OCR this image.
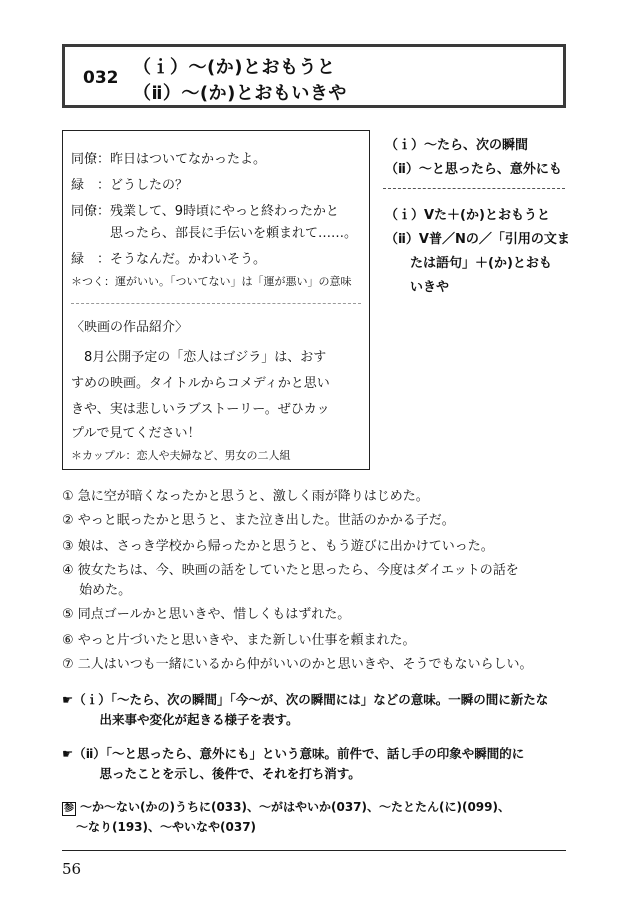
032 （ｉ）～(か)とおもうと
（ⅱ）～(か)とおもいきや
同僚：昨日はついてなかったよ。
緑　：どうしたの？
同僚：残業して、9時頃にやっと終わったかと
　　　思ったら、部長に手伝いを頼まれて……。
緑　：そうなんだ。かわいそう。
＊つく：運がいい。「ついてない」は「運が悪い」の意味
〈映画の作品紹介〉
　8月公開予定の「恋人はゴジラ」は、おす
すめの映画。タイトルからコメディかと思い
きや、実は悲しいラブストーリー。ぜひカッ
プルで見てください！
＊カップル：恋人や夫婦など、男女の二人組
（ｉ）～たら、次の瞬間
（ⅱ）～と思ったら、意外にも
（ｉ）Vた＋(か)とおもうと
（ⅱ）V普／Nの／「引用の文ま
たは語句」＋(か)とおも
いきや
① 急に空が暗くなったかと思うと、激しく雨が降りはじめた。
② やっと眠ったかと思うと、また泣き出した。世話のかかる子だ。
③ 娘は、さっき学校から帰ったかと思うと、もう遊びに出かけていった。
④ 彼女たちは、今、映画の話をしていたと思ったら、今度はダイエットの話を
　 始めた。
⑤ 同点ゴールかと思いきや、惜しくもはずれた。
⑥ やっと片づいたと思いきや、また新しい仕事を頼まれた。
⑦ 二人はいつも一緒にいるから仲がいいのかと思いきや、そうでもないらしい。
☛（ｉ）「～たら、次の瞬間」「今～が、次の瞬間には」などの意味。一瞬の間に新たな
　　　出来事や変化が起きる様子を表す。
☛（ⅱ）「～と思ったら、意外にも」という意味。前件で、話し手の印象や瞬間的に
　　　思ったことを示し、後件で、それを打ち消す。
参 ～か～ない(かの)うちに(033)、～がはやいか(037)、～たとたん(に)(099)、
～なり(193)、～やいなや(037)
56
